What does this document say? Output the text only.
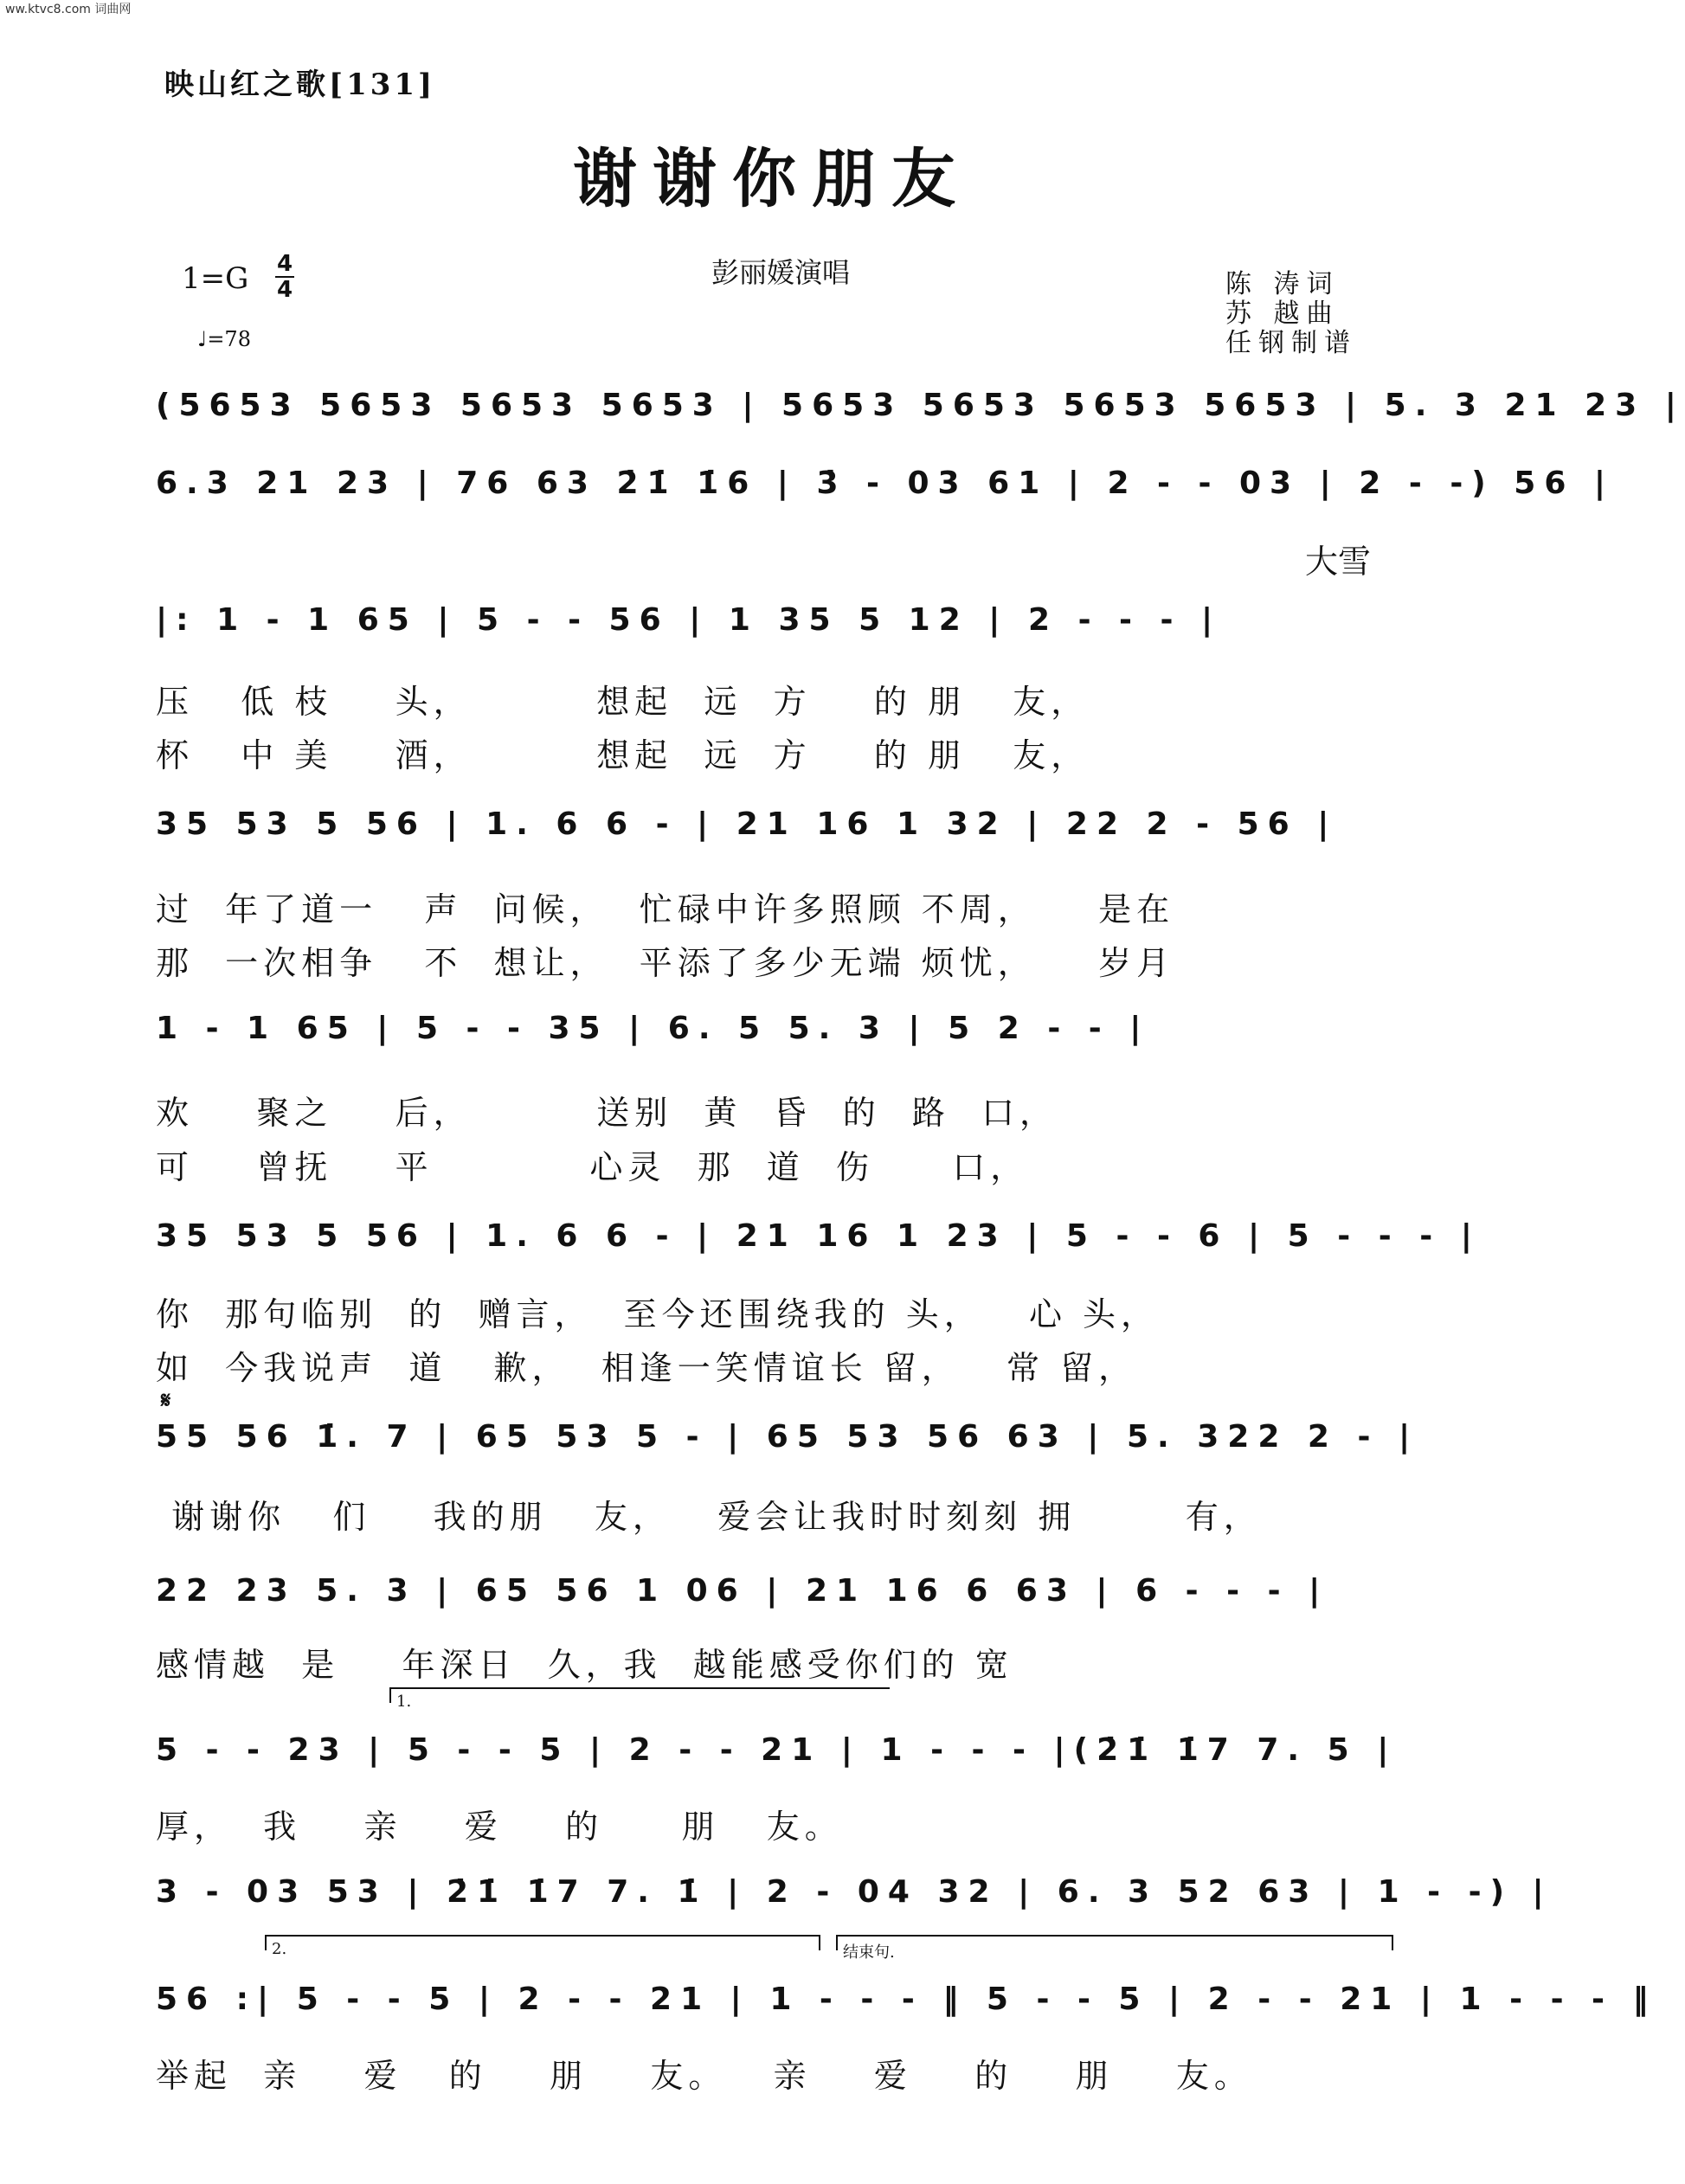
ww.ktvc8.com 词曲网
映山红之歌[131]
谢谢你朋友
1=G 4
4
♩=78
彭丽媛演唱	陈 涛词
苏 越曲
任钢制谱
(5653 5653 5653 5653 | 5653 5653 5653 5653 | 5. 3 21 23 |
6.3 21 23 | 76 63 2̇1̇ 1̇6 | 3̇ - 03 61 | 2 - - 03 | 2 - -) 56 |
大雪
|: 1 - 1 65 | 5 - - 56 | 1 35 5 12 | 2 - - - |
压   低 枝    头，        想起  远  方    的 朋   友，
杯   中 美    酒，        想起  远  方    的 朋   友，
35 53 5 56 | 1. 6 6 - | 21 16 1 32 | 22 2 - 56 |
过  年了道一   声  问候，  忙碌中许多照顾 不周，    是在
那  一次相争   不  想让，  平添了多少无端 烦忧，    岁月
1 - 1 65 | 5 - - 35 | 6. 5 5. 3 | 5 2 - - |
欢    聚之    后，        送别  黄  昏  的  路  口，
可    曾抚    平          心灵  那  道  伤     口，
35 53 5 56 | 1. 6 6 - | 21 16 1 23 | 5 - - 6 | 5 - - - |
你  那句临别  的  赠言，  至今还围绕我的 头，   心 头，
如  今我说声  道   歉，  相逢一笑情谊长 留，   常 留，
𝄋
55 56 1̇. 7 | 65 53 5 - | 65 53 56 63 | 5. 322 2 - |
谢谢你   们    我的朋   友，   爱会让我时时刻刻 拥       有，
22 23 5. 3 | 65 56 1 06 | 21 16 6 63 | 6 - - - |
感情越  是    年深日  久，我  越能感受你们的 宽
1.
5 - - 23 | 5 - - 5 | 2 - - 21 | 1 - - - |(2̇1̇ 1̇7 7. 5 |
厚，  我    亲    爱    的     朋   友。
3 - 03 53 | 2̇1̇ 1̇7 7. 1̇ | 2 - 04 32 | 6. 3 52 63 | 1 - -) |
2.	结束句.
56 :| 5 - - 5 | 2 - - 21 | 1 - - - ‖ 5 - - 5 | 2 - - 21 | 1 - - - ‖
举起  亲    爱   的    朋    友。   亲    爱    的    朋    友。
